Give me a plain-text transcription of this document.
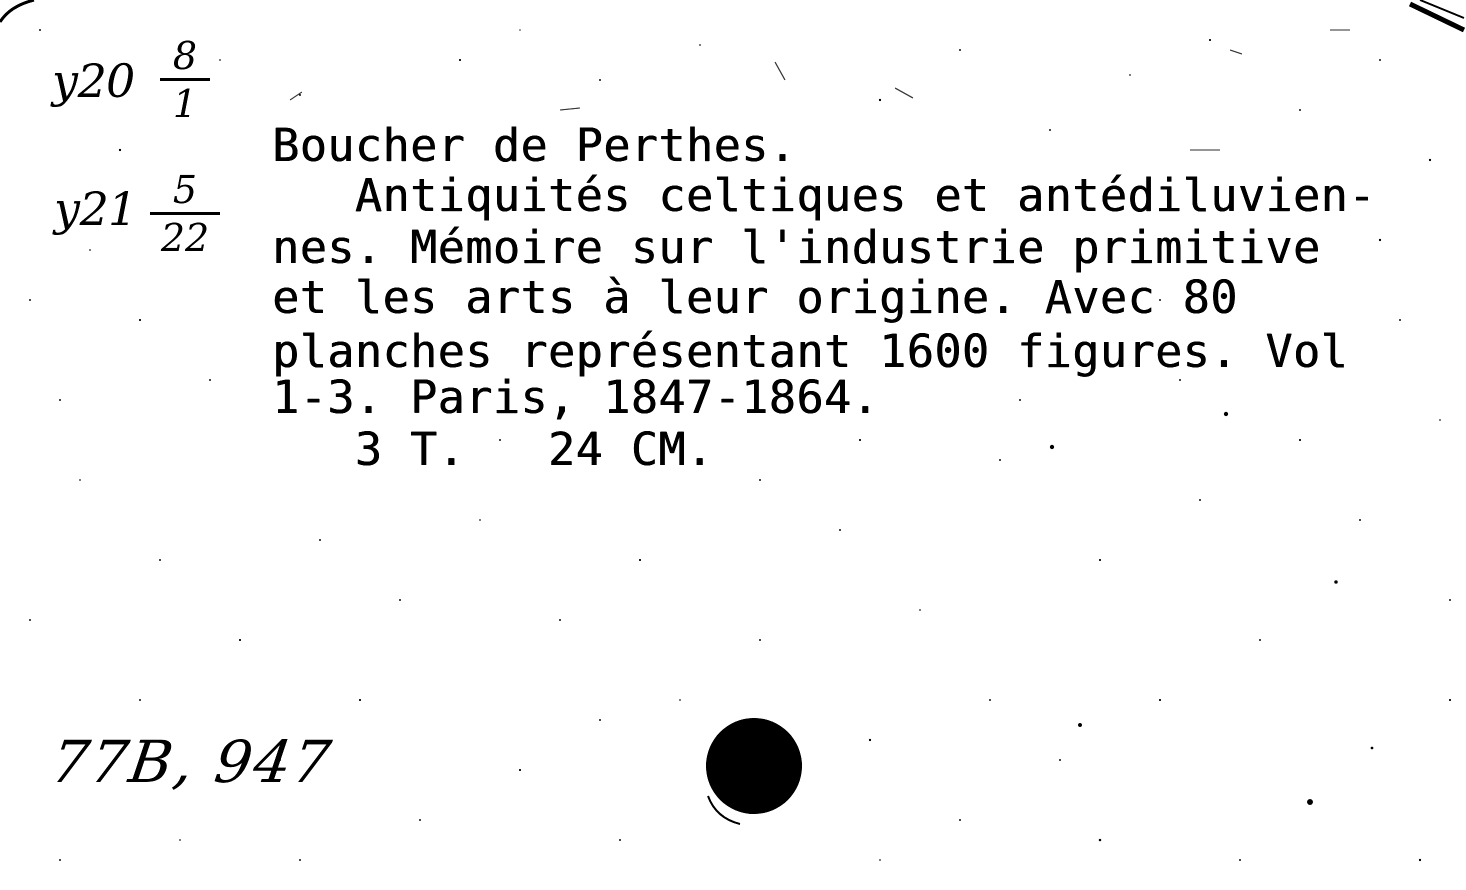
у20	8
1
у21 5
22
Boucher de Perthes.
Antiquités celtiques et antédiluvien-
nes. Mémoire sur l'industrie primitive
et les arts à leur origine. Avec 80
planches représentant 1600 figures. Vol
1-3. Paris, 1847-1864.
3 T.   24 CM.
77B, 947
